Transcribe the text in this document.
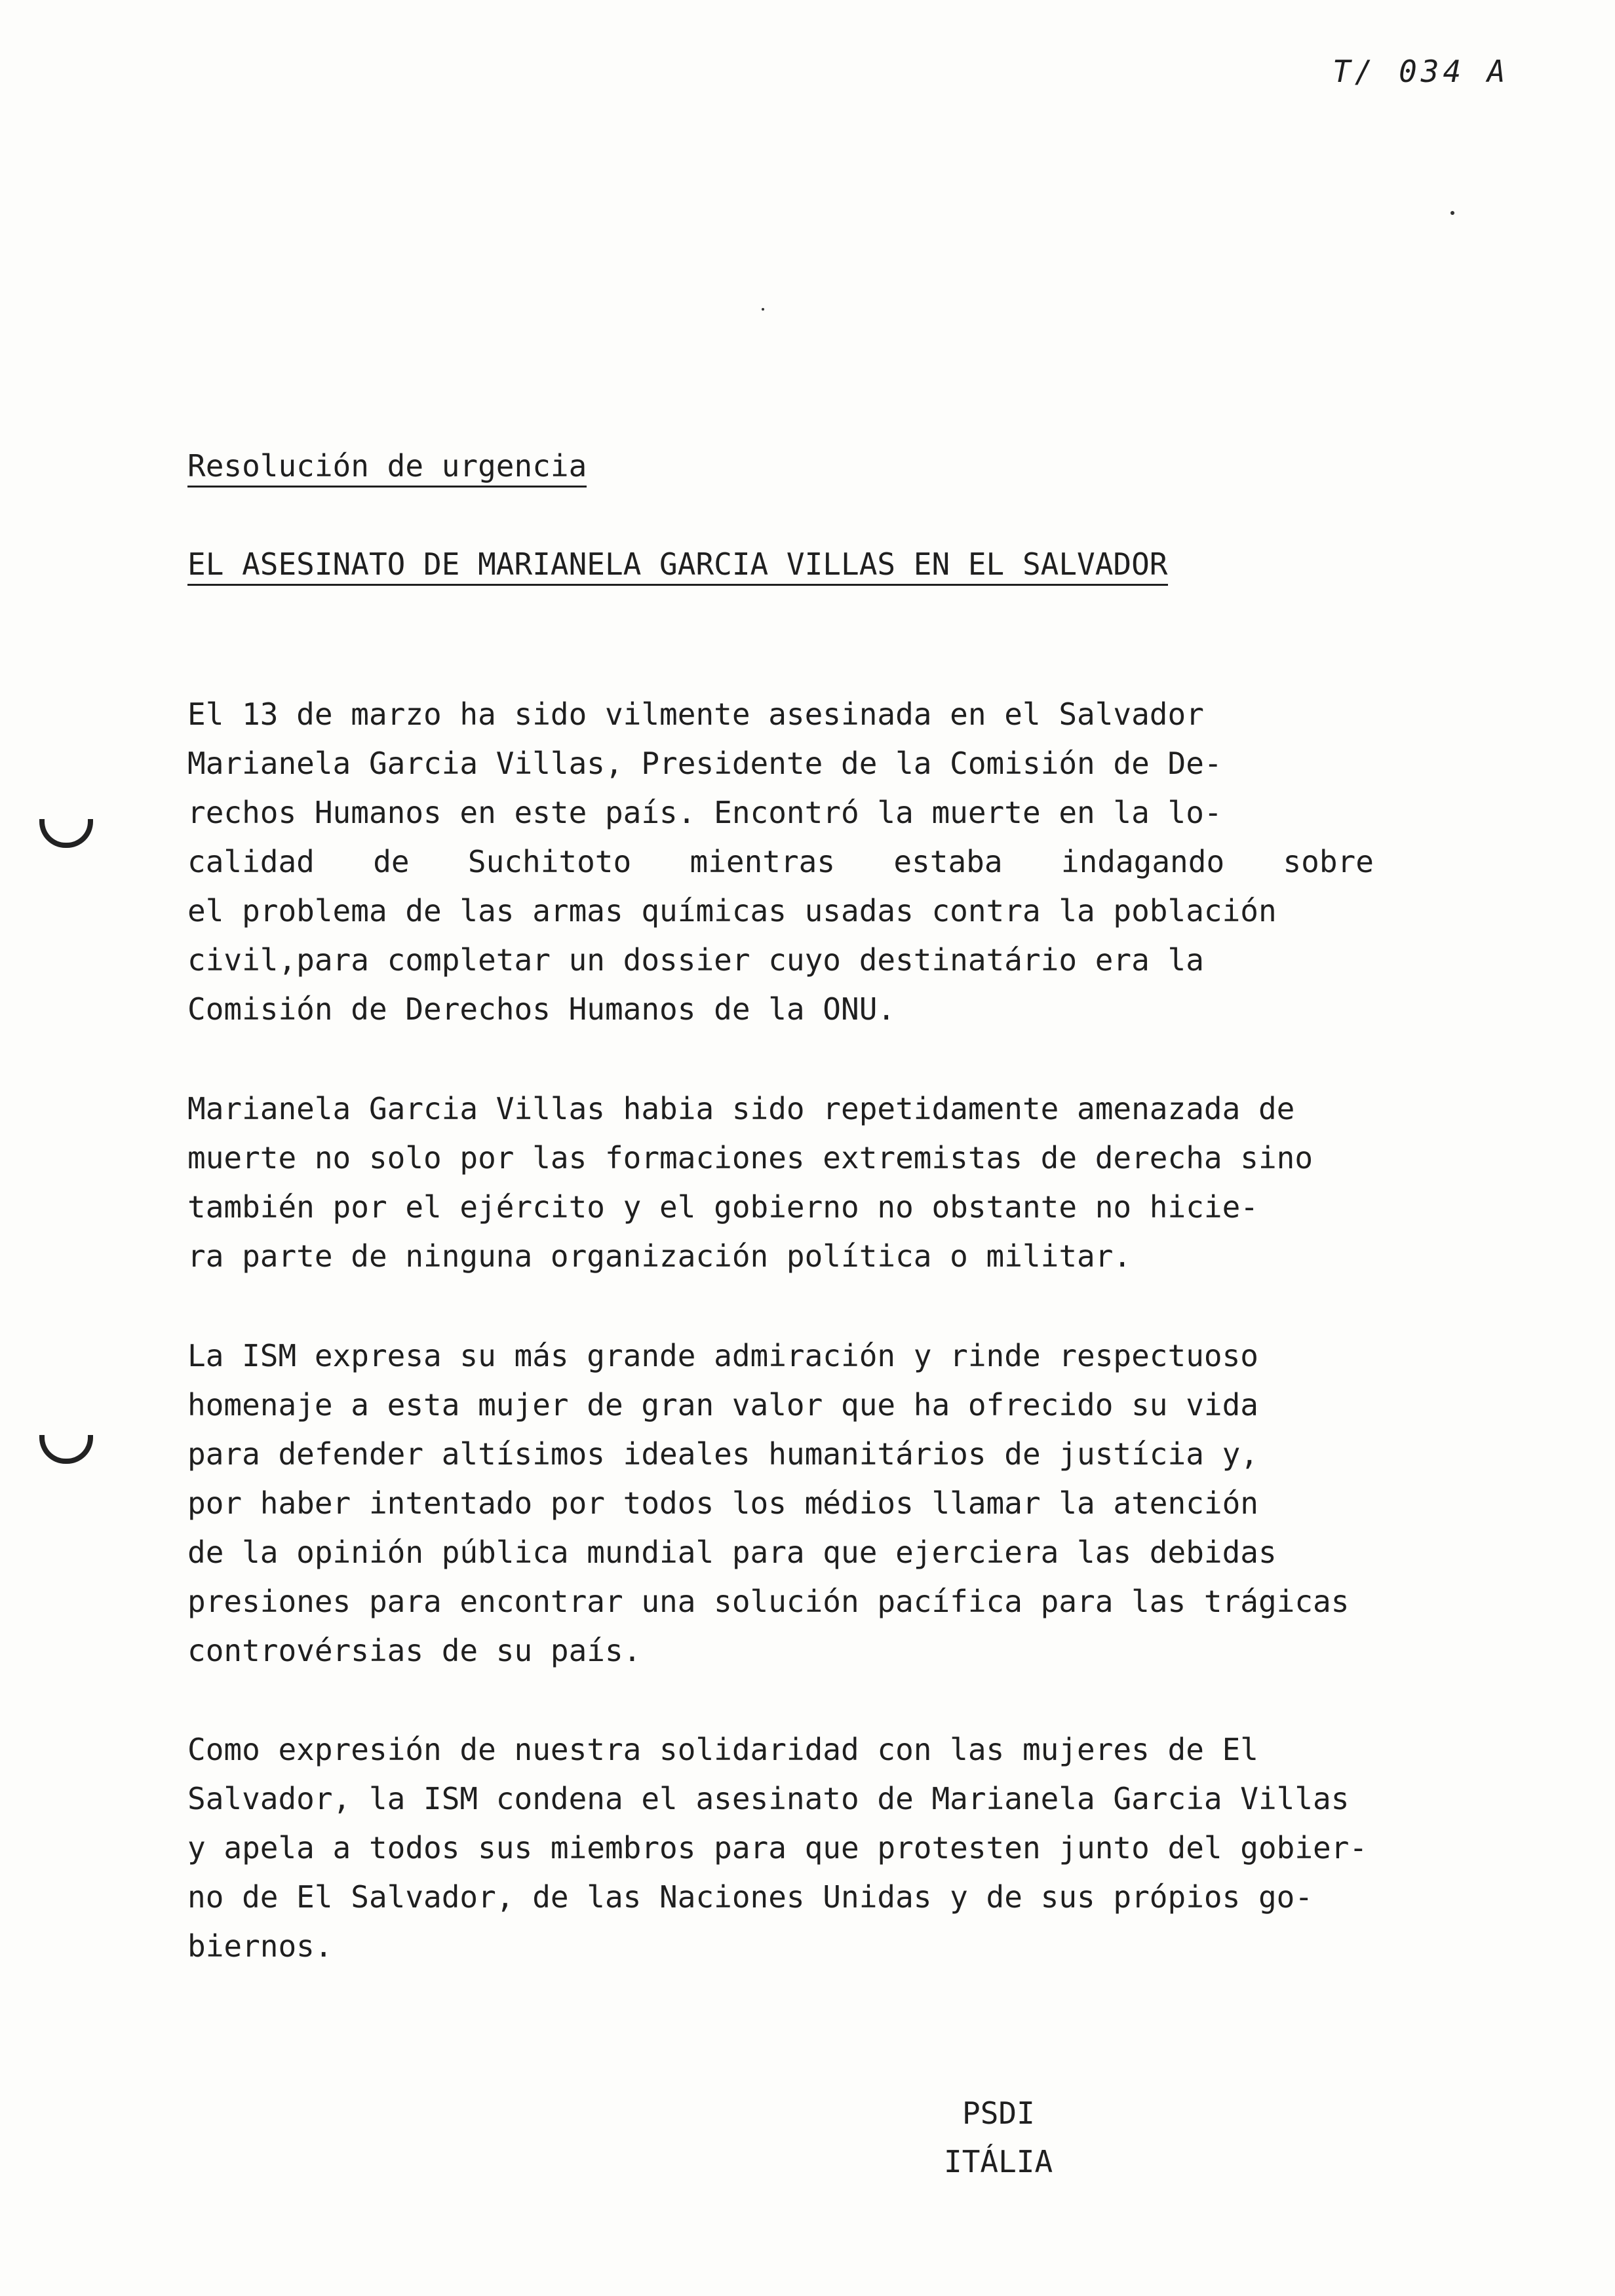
T/ 034 A
Resolución de urgencia
EL ASESINATO DE MARIANELA GARCIA VILLAS EN EL SALVADOR
El 13 de marzo ha sido vilmente asesinada en el Salvador
Marianela Garcia Villas, Presidente de la Comisión de De-
rechos Humanos en este país. Encontró la muerte en la lo-
calidad de Suchitoto mientras estaba indagando sobre
el problema de las armas químicas usadas contra la población
civil,para completar un dossier cuyo destinatário era la
Comisión de Derechos Humanos de la ONU.
Marianela Garcia Villas habia sido repetidamente amenazada de
muerte no solo por las formaciones extremistas de derecha sino
también por el ejército y el gobierno no obstante no hicie-
ra parte de ninguna organización política o militar.
La ISM expresa su más grande admiración y rinde respectuoso
homenaje a esta mujer de gran valor que ha ofrecido su vida
para defender altísimos ideales humanitários de justícia y,
por haber intentado por todos los médios llamar la atención
de la opinión pública mundial para que ejerciera las debidas
presiones para encontrar una solución pacífica para las trágicas
controvérsias de su país.
Como expresión de nuestra solidaridad con las mujeres de El
Salvador, la ISM condena el asesinato de Marianela Garcia Villas
y apela a todos sus miembros para que protesten junto del gobier-
no de El Salvador, de las Naciones Unidas y de sus própios go-
biernos.
PSDI
ITÁLIA
